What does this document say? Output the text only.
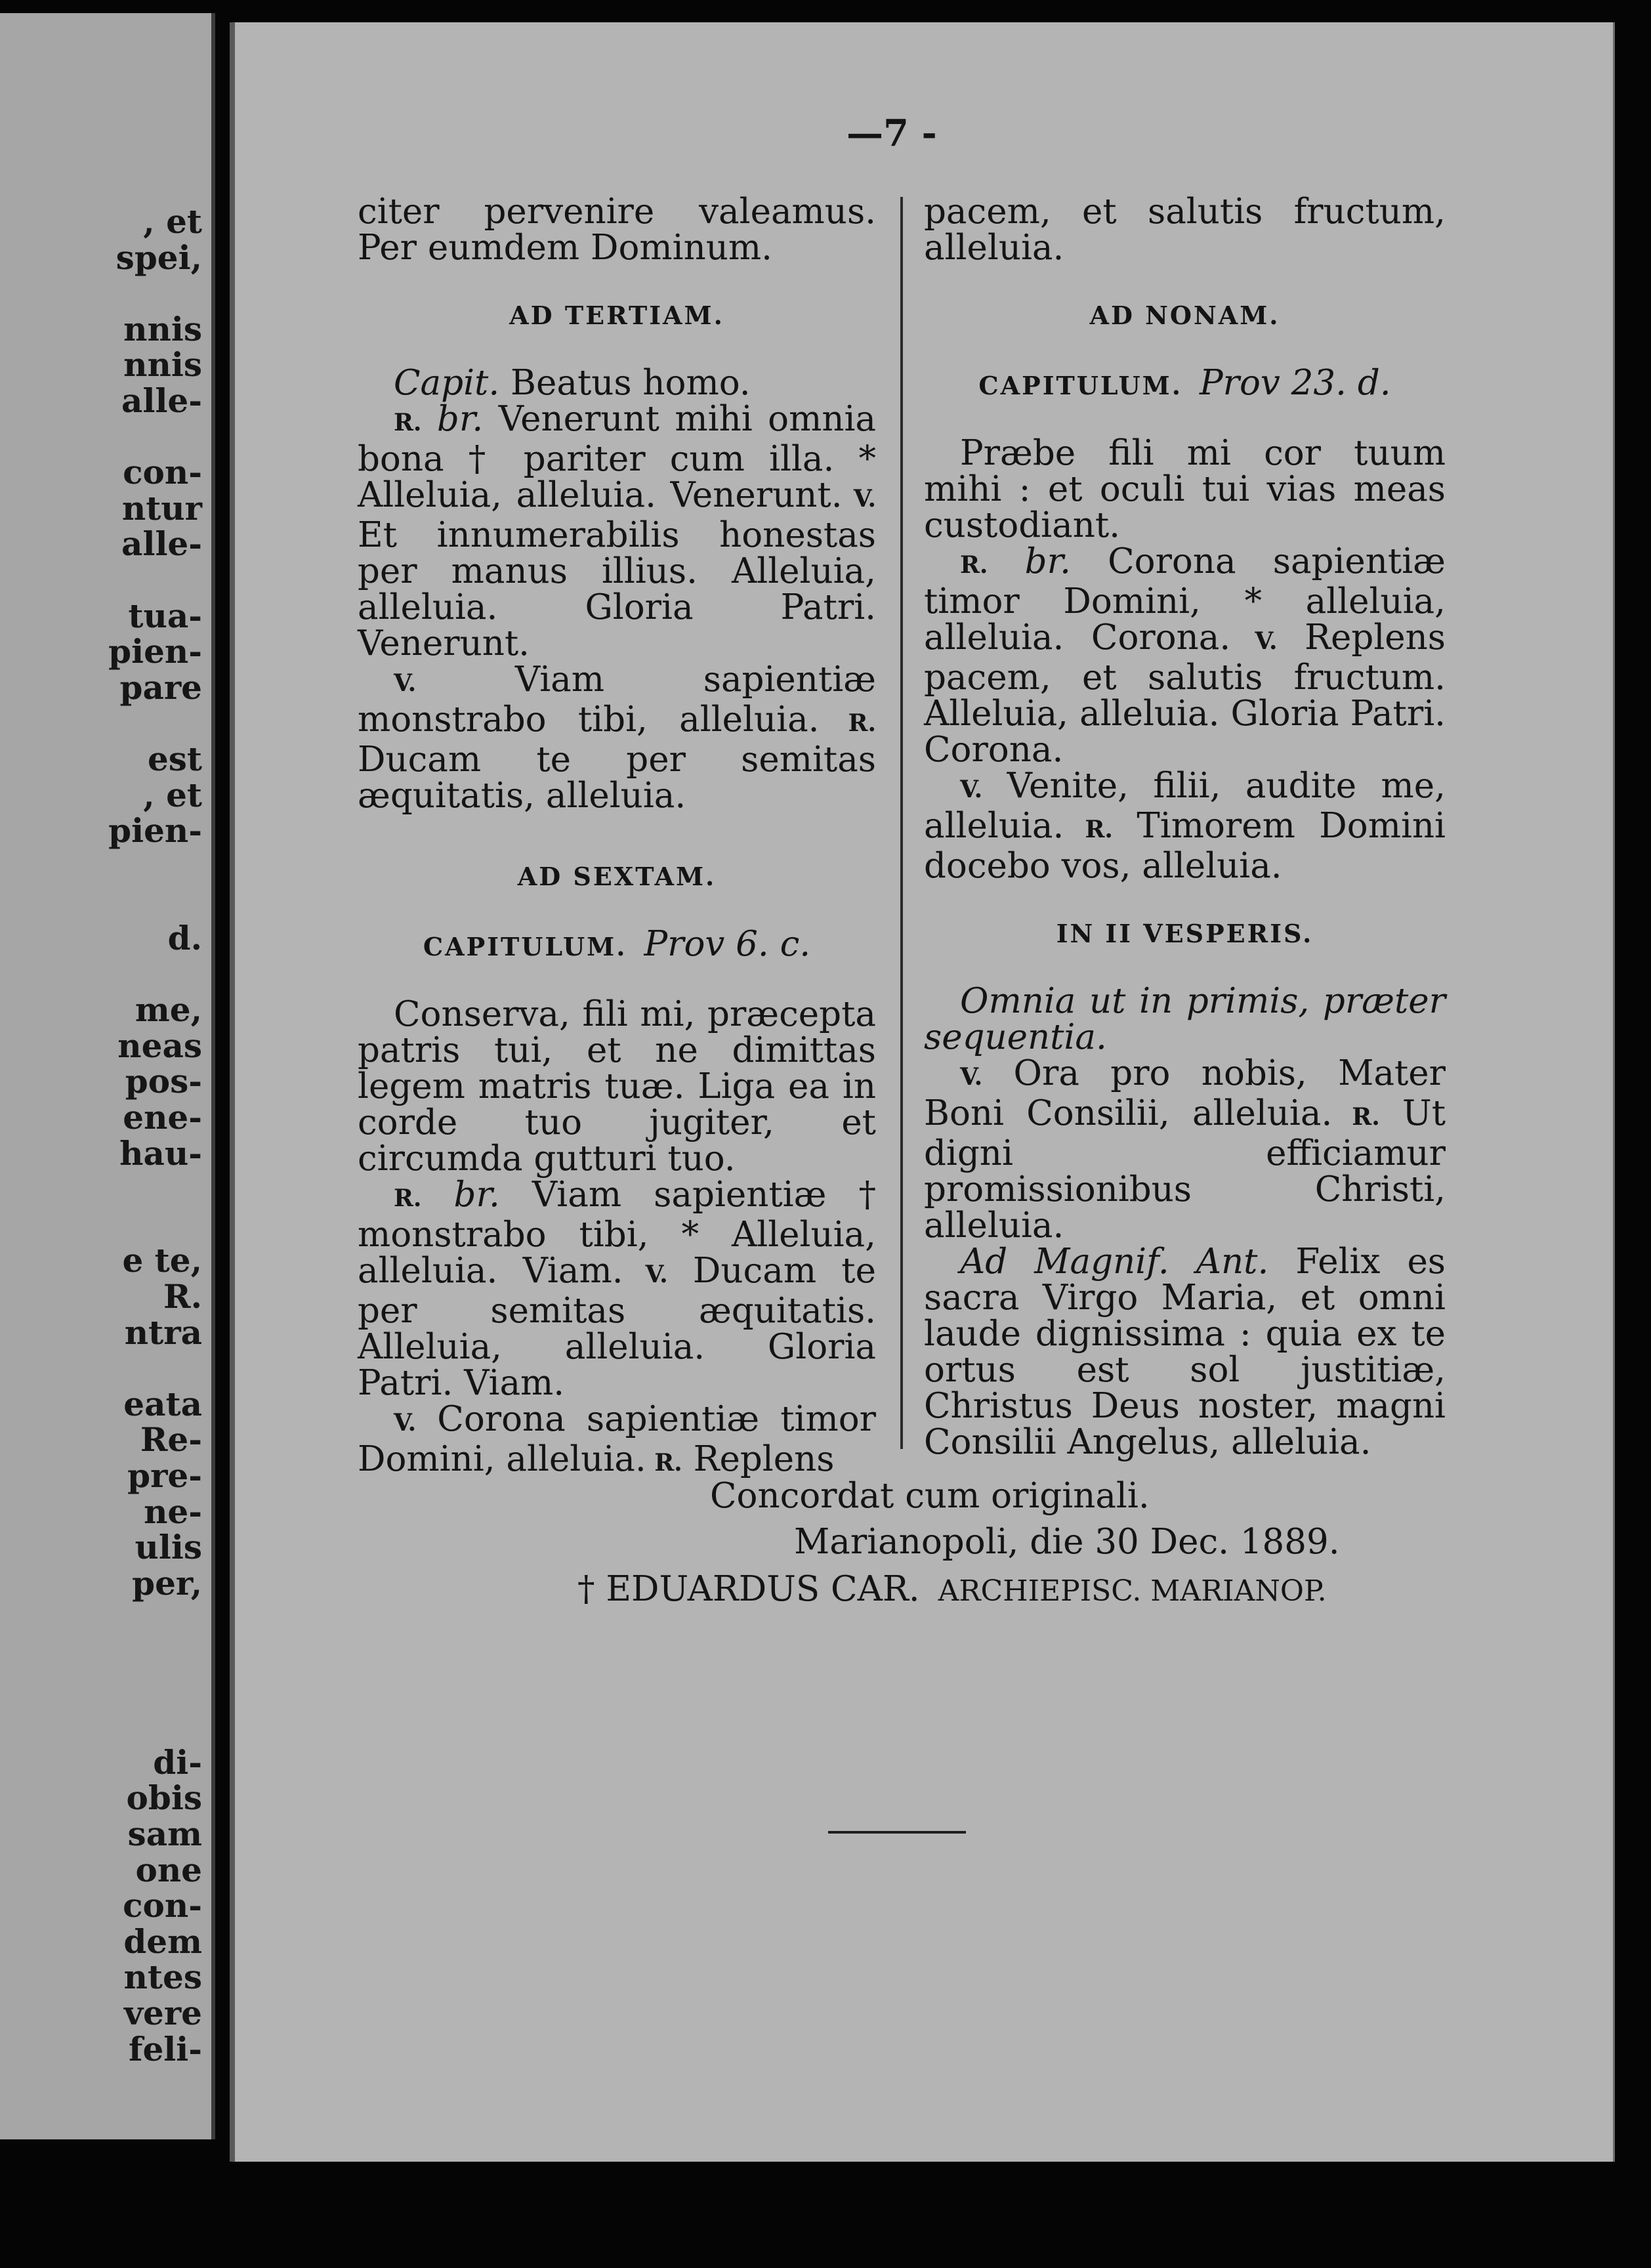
, et

spei,

nnis

nnis

alle-

con-

ntur

alle-

tua-

pien-

pare

est

, et

pien-

d.

me,

neas

pos-

ene-

hau-

e te,

R.

ntra

eata

Re-

pre-

ne-

ulis

per,

di-

obis

sam

one

con-

dem

ntes

vere

feli-

—7 -

citer pervenire valeamus. Per eumdem Dominum.

AD TERTIAM.

Capit. Beatus homo.

R. br. Venerunt mihi omnia bona † pariter cum illa. * Alleluia, alleluia. Venerunt. V. Et innumerabilis honestas per manus illius. Alleluia, alleluia. Gloria Patri. Venerunt.

V. Viam sapientiæ monstrabo tibi, alleluia. R. Ducam te per semitas æquitatis, alleluia.

AD SEXTAM.

CAPITULUM. Prov 6. c.

Conserva, fili mi, præcepta patris tui, et ne dimittas legem matris tuæ. Liga ea in corde tuo jugiter, et circumda gutturi tuo.

R. br. Viam sapientiæ † monstrabo tibi, * Alleluia, alleluia. Viam. V. Ducam te per semitas æquitatis. Alleluia, alleluia. Gloria Patri. Viam.

V. Corona sapientiæ timor Domini, alleluia. R. Replens

pacem, et salutis fructum, alleluia.

AD NONAM.

CAPITULUM. Prov 23. d.

Præbe fili mi cor tuum mihi : et oculi tui vias meas custodiant.

R. br. Corona sapientiæ timor Domini, * alleluia, alleluia. Corona. V. Replens pacem, et salutis fructum. Alleluia, alleluia. Gloria Patri. Corona.

V. Venite, filii, audite me, alleluia. R. Timorem Domini docebo vos, alleluia.

IN II VESPERIS.

Omnia ut in primis, præter sequentia.

V. Ora pro nobis, Mater Boni Consilii, alleluia. R. Ut digni efficiamur promissionibus Christi, alleluia.

Ad Magnif. Ant. Felix es sacra Virgo Maria, et omni laude dignissima : quia ex te ortus est sol justitiæ, Christus Deus noster, magni Consilii Angelus, alleluia.

Concordat cum originali.

Marianopoli, die 30 Dec. 1889.

† EDUARDUS CAR. ARCHIEPISC. MARIANOP.
